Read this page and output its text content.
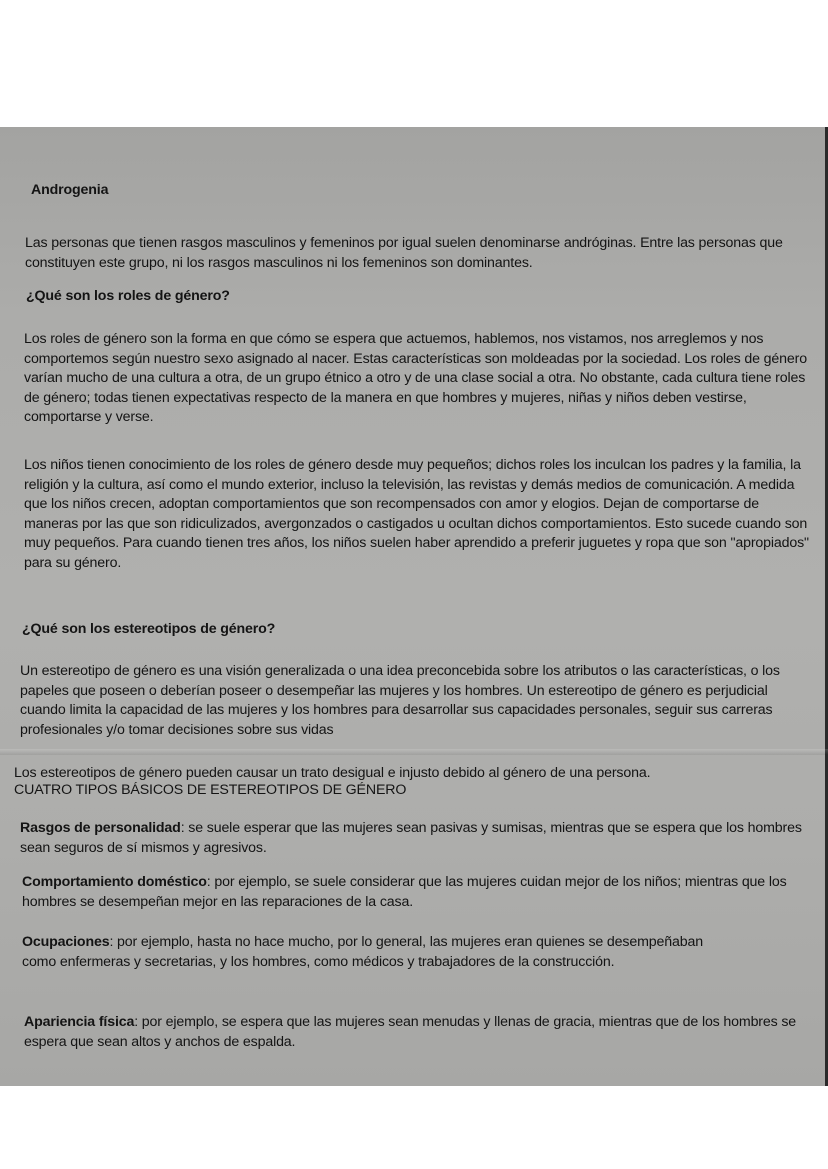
Androgenia

Las personas que tienen rasgos masculinos y femeninos por igual suelen denominarse andróginas. Entre las personas que constituyen este grupo, ni los rasgos masculinos ni los femeninos son dominantes.

¿Qué son los roles de género?

Los roles de género son la forma en que cómo se espera que actuemos, hablemos, nos vistamos, nos arreglemos y nos comportemos según nuestro sexo asignado al nacer. Estas características son moldeadas por la sociedad. Los roles de género varían mucho de una cultura a otra, de un grupo étnico a otro y de una clase social a otra. No obstante, cada cultura tiene roles de género; todas tienen expectativas respecto de la manera en que hombres y mujeres, niñas y niños deben vestirse, comportarse y verse.

Los niños tienen conocimiento de los roles de género desde muy pequeños; dichos roles los inculcan los padres y la familia, la religión y la cultura, así como el mundo exterior, incluso la televisión, las revistas y demás medios de comunicación. A medida que los niños crecen, adoptan comportamientos que son recompensados con amor y elogios. Dejan de comportarse de maneras por las que son ridiculizados, avergonzados o castigados u ocultan dichos comportamientos. Esto sucede cuando son muy pequeños. Para cuando tienen tres años, los niños suelen haber aprendido a preferir juguetes y ropa que son "apropiados" para su género.

¿Qué son los estereotipos de género?

Un estereotipo de género es una visión generalizada o una idea preconcebida sobre los atributos o las características, o los papeles que poseen o deberían poseer o desempeñar las mujeres y los hombres. Un estereotipo de género es perjudicial cuando limita la capacidad de las mujeres y los hombres para desarrollar sus capacidades personales, seguir sus carreras profesionales y/o tomar decisiones sobre sus vidas

Los estereotipos de género pueden causar un trato desigual e injusto debido al género de una persona.

CUATRO TIPOS BÁSICOS DE ESTEREOTIPOS DE GÉNERO

Rasgos de personalidad: se suele esperar que las mujeres sean pasivas y sumisas, mientras que se espera que los hombres sean seguros de sí mismos y agresivos.

Comportamiento doméstico: por ejemplo, se suele considerar que las mujeres cuidan mejor de los niños; mientras que los hombres se desempeñan mejor en las reparaciones de la casa.

Ocupaciones: por ejemplo, hasta no hace mucho, por lo general, las mujeres eran quienes se desempeñaban como enfermeras y secretarias, y los hombres, como médicos y trabajadores de la construcción.

Apariencia física: por ejemplo, se espera que las mujeres sean menudas y llenas de gracia, mientras que de los hombres se espera que sean altos y anchos de espalda.
